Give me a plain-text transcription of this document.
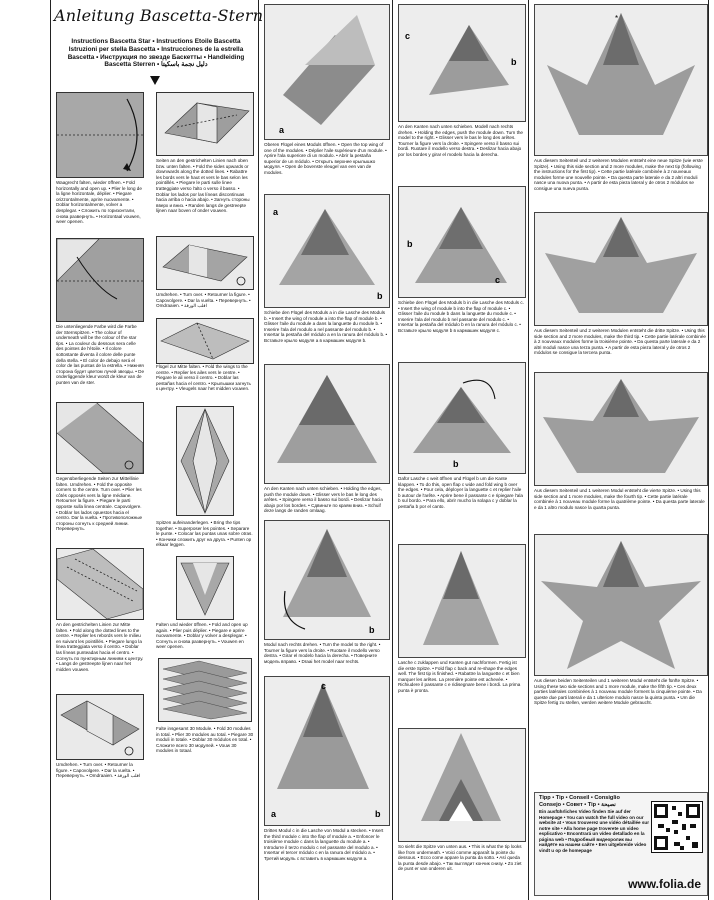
Anleitung Bascetta-Stern
Instructions Bascetta Star • Instructions Etoile Bascetta
Istruzioni per stella Bascetta • Instrucciones de la estrella
Bascetta • Инструкция по звезде Баскетты • Handleiding
Bascetta Sterren • دليل نجمة باسكيتا
Waagrecht falten, wieder öffnen. • Fold horizontally and open up. • Plier le long de la ligne horizontale, déplier. • Piegare orizzontalmente, aprire nuovamente. • Doblar horizontalmente, volver a desplegar. • Сложить по горизонтали, снова развернуть. • Horizontaal vouwen, weer openen.
Die untenliegende Farbe wird die Farbe der Sternspitzen. • The colour of underneath will be the colour of the star tips. • La couleur du dessous sera celle des pointes de l'étoile. • Il colore sottostante diventa il colore delle punte della stella. • El color de debajo será el color de las puntas de la estrella. • Нижняя сторона будет цветом лучей звезды. • De onderliggende kleur wordt de kleur van de punten van de ster.
Gegenüberliegende Seiten zur Mittellinie falten. Umdrehen. • Fold the opposite corners to the centre. Turn over. • Plier les côtés opposés vers la ligne médiane. Retourner la figure. • Piegare le parti opposte sulla linea centrale. Capovolgere. • Doblar los lados opuestos hacia el centro. Dar la vuelta. • Противоположные стороны согнуть к средней линии. Перевернуть.
An den gestrichelten Linien zur Mitte falten. • Fold along the dotted lines to the centre. • Replier les rebords vers le milieu en suivant les pointillés. • Piegare lungo la linea tratteggiata verso il centro. • Doblar las líneas punteadas hacia el centro. • Согнуть по пунктирным линиям к центру. • Langs de gestreepte lijnen naar het midden vouwen.
Umdrehen. • Turn over. • Retourner la figure. • Capovolgere. • Dar la vuelta. • Перевернуть. • Omdraaien. • اقلب الورقة
Seiten an den gestrichelten Linien nach oben bzw. unten falten. • Fold the sides upwards or downwards along the dotted lines. • Rabattre les bords vers le haut et vers le bas selon les pointillés. • Piegare le parti sulle linee tratteggiate verso l'alto o verso il basso. • Doblar los lados por las líneas discontinuas hacia arriba o hacia abajo. • Загнуть стороны вверх и вниз. • Randen langs de gestreepte lijnen naar boven of onder vouwen.
Umdrehen. • Turn over. • Retourner la figure. • Capovolgere. • Dar la vuelta. • Перевернуть. • Omdraaien. • اقلب الورقة
Flügel zur Mitte falten. • Fold the wings to the centre. • Replier les ailes vers le centre. • Piegare le ali verso il centro. • Doblar las pestañas hacia el centro. • Крылышки загнуть к центру. • Vleugels naar het midden vouwen.
Spitzen aufeinanderlegen. • Bring the tips together. • Superposer les pointes. • Separare le punte. • Colocar las puntas unas sobre otras. • Кончики сложить друг на друга. • Punten op elkaar leggen.
Falten und wieder öffnen. • Fold and open up again. • Plier puis déplier. • Piegare e aprire nuovamente. • Doblar y volver a desplegar. • Согнуть и снова развернуть. • Vouwen en weer openen.
Falte insgesamt 30 Module. • Fold 30 modules in total. • Plier 30 modules au total. • Piegare 30 moduli in totale. • Doblar 30 módulos en total. • Сложите всего 30 модулей. • Vouw 30 modules in totaal.
a
Oberen Flügel eines Moduls öffnen. • Open the top wing of one of the modules. • Déplier l'aile supérieure d'un module. • Aprire l'ala superiore di un modulo. • Abrir la pestaña superior de un módulo. • Открыть верхнее крылышко модуля. • Open de bovenste vleugel van een van de modules.
a
b
Schiebe den Flügel des Moduls a in die Lasche des Moduls b. • Insert the wing of module a into the flap of module b. • Glisser l'aile du module a dans la languette du module b. • Inserire l'ala del modulo a nel passante del modulo b. • Insertar la pestaña del módulo a en la ranura del módulo b. • Вставьте крыло модуля a в кармашек модуля b.
An den Kanten nach unten schieben. • Holding the edges, push the module down. • Glisser vers le bas le long des arêtes. • Spingere verso il basso sui bordi. • Deslizar hacia abajo por los bordes. • Сдвиньте по краям вниз. • Schuif deze langs de randen omlaag.
b
Modul nach rechts drehen. • Turn the model to the right. • Tourner la figure vers la droite. • Ruotare il modello verso destra. • Girar el modelo hacia la derecha. • Поверните модель вправо. • Draai het model naar rechts.
c
a	b
Drittes Modul c in die Lasche von Modul a stecken. • Insert the third module c into the flap of module a. • Enfoncer le troisième module c dans la languette du module a. • Introdurre il terzo modulo c nel passante del modulo a. • Insertar el tercer módulo c en la ranura del módulo a. • Третий модуль c вставить в кармашек модуля a.
c
b
An den Kanten nach unten schieben. Modell nach rechts drehen. • Holding the edges, push the module down. Turn the model to the right. • Glisser vers le bas le long des arêtes. Tourner la figure vers la droite. • Spingere verso il basso sui bordi. Ruotare il modello verso destra. • Deslizar hacia abajo por los bordes y girar el modelo hacia la derecha.
b
c
Schiebe den Flügel des Moduls b in die Lasche des Moduls c. • Insert the wing of module b into the flap of module c. • Glisser l'aile du module b dans la languette du module c. • Inserire l'ala del modulo b nel passante del modulo c. • Insertar la pestaña del módulo b en la ranura del módulo c. • Вставьте крыло модуля b в кармашек модуля c.
b
Dafür Lasche c weit öffnen und Flügel b um die Kante klappen. • To do this, open flap c wide and fold wing b over the edges. • Pour cela, déployer la languette c et replier l'aile b autour de l'arête. • Aprire bene il passante c e ripiegare l'ala b sul bordo. • Para ello, abrir mucho la solapa c y doblar la pestaña b por el canto.
Lasche c zuklappen und Kanten gut nachformen. Fertig ist die erste Spitze. • Fold flap c back and re-shape the edges well. The first tip is finished. • Rabattre la languette c et bien marquer les arêtes. La première pointe est achevée. • Richiudere il passante c e ridisegnare bene i bordi. La prima punta è pronta.
So sieht die Spitze von unten aus. • This is what the tip looks like from underneath. • Voici comme apparaît la pointe du dessous. • Ecco come appare la punta da sotto. • Así queda la punta desde abajo. • Так выглядит кончик снизу. • Zo ziet de punt er van onderen uit.
*
Aus diesem Seitenteil und 2 weiteren Modulen entsteht eine neue Spitze (wie erste Spitze). • Using this side section and 2 more modules, make the next tip (following the instructions for the first tip). • Cette partie latérale combinée à 2 nouveaux modules forme une nouvelle pointe. • Da questa parte laterale e da 2 altri moduli nasce una nuova punta. • A partir de esta pieza lateral y de otros 2 módulos se consigue una nueva punta.
Aus diesem Seitenteil und 2 weiteren Modulen entsteht die dritte Spitze. • Using this side section and 2 more modules, make the third tip. • Cette partie latérale combinée à 2 nouveaux modules forme la troisième pointe. • Da questa parte laterale e da 2 altri moduli nasce una terza punta. • A partir de esta pieza lateral y de otros 2 módulos se consigue la tercera punta.
Aus diesem Seitenteil und 1 weiteren Modul entsteht die vierte Spitze. • Using this side section and 1 more modules, make the fourth tip. • Cette partie latérale combinée à 1 nouveau module forme la quatrième pointe. • Da questa parte laterale e da 1 altro modulo nasce la quarta punta.
Aus diesen beiden Seitenteilen und 1 weiteren Modul entsteht die fünfte Spitze. • Using these two side sections and 1 more module, make the fifth tip. • Ces deux parties latérales combinées à 1 nouveau module forment la cinquième pointe. • Da queste due parti laterali e da 1 ulteriore modulo nasce la quinta punta. • Um die Spitze fertig zu stellen, werden weitere Module gebraucht.
Tipp • Tip • Conseil • Consiglio
Consejo • Совет • Tip • نصيحة
Ein ausführliches Video finden Sie auf der Homepage • You can watch the full video on our website at • Vous trouverez une vidéo détaillée sur notre site • Alla home page troverete un video esplicativo • Encontrará un vídeo detallado en la página web • Подробный видеоролик вы найдёте на нашем сайте • Een uitgebreide video vindt u op de homepage
www.folia.de
